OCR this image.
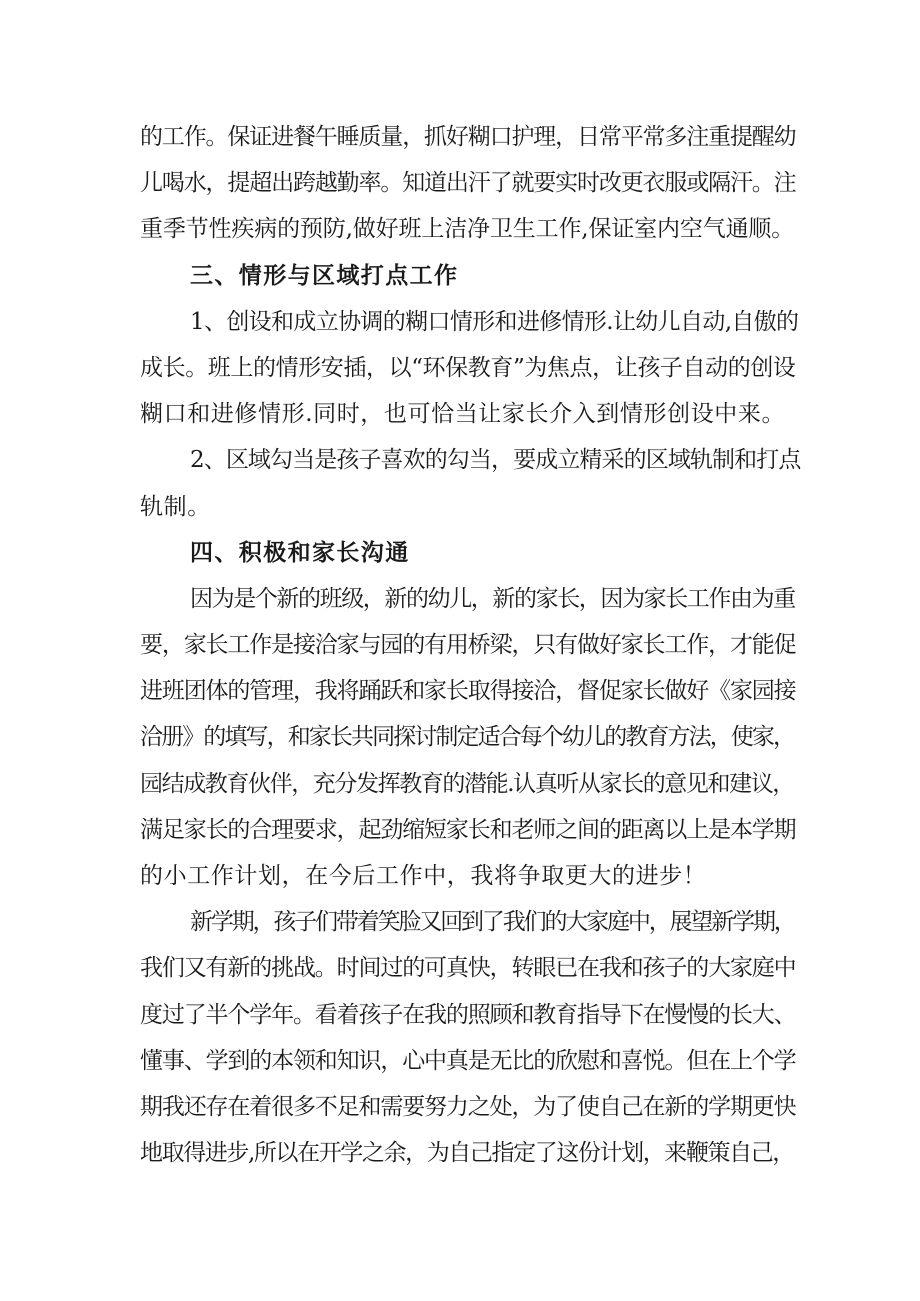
的工作。保证进餐午睡质量，抓好糊口护理，日常平常多注重提醒幼
儿喝水，提超出跨越勤率。知道出汗了就要实时改更衣服或隔汗。注
重季节性疾病的预防,做好班上洁净卫生工作,保证室内空气通顺。
三、情形与区域打点工作
1、创设和成立协调的糊口情形和进修情形.让幼儿自动,自傲的
成长。班上的情形安插，以“环保教育”为焦点，让孩子自动的创设
糊口和进修情形.同时，也可恰当让家长介入到情形创设中来。
2、区域勾当是孩子喜欢的勾当，要成立精采的区域轨制和打点
轨制。
四、积极和家长沟通
因为是个新的班级，新的幼儿，新的家长，因为家长工作由为重
要，家长工作是接洽家与园的有用桥梁，只有做好家长工作，才能促
进班团体的管理，我将踊跃和家长取得接洽，督促家长做好《家园接
洽册》的填写，和家长共同探讨制定适合每个幼儿的教育方法，使家，
园结成教育伙伴，充分发挥教育的潜能.认真听从家长的意见和建议，
满足家长的合理要求，起劲缩短家长和老师之间的距离以上是本学期
的小工作计划，在今后工作中，我将争取更大的进步！
新学期，孩子们带着笑脸又回到了我们的大家庭中，展望新学期，
我们又有新的挑战。时间过的可真快，转眼已在我和孩子的大家庭中
度过了半个学年。看着孩子在我的照顾和教育指导下在慢慢的长大、
懂事、学到的本领和知识，心中真是无比的欣慰和喜悦。但在上个学
期我还存在着很多不足和需要努力之处，为了使自己在新的学期更快
地取得进步,所以在开学之余，为自己指定了这份计划，来鞭策自己，
